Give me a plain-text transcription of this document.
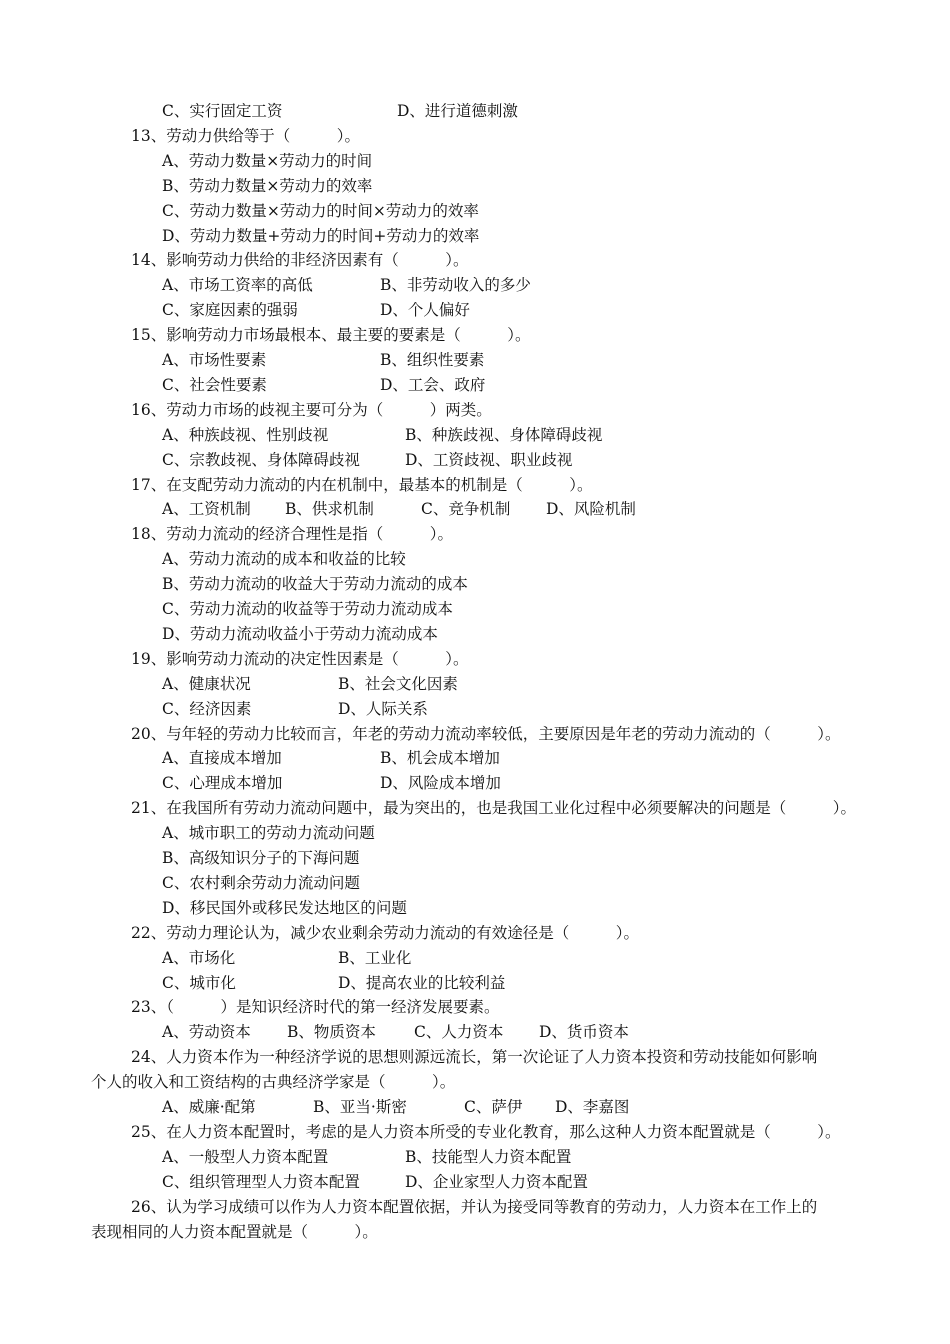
C、实行固定工资	D、进行道德刺激
13、劳动力供给等于（　　　）。
A、劳动力数量×劳动力的时间
B、劳动力数量×劳动力的效率
C、劳动力数量×劳动力的时间×劳动力的效率
D、劳动力数量+劳动力的时间+劳动力的效率
14、影响劳动力供给的非经济因素有（　　　）。
A、市场工资率的高低	B、非劳动收入的多少
C、家庭因素的强弱	D、个人偏好
15、影响劳动力市场最根本、最主要的要素是（　　　）。
A、市场性要素	B、组织性要素
C、社会性要素	D、工会、政府
16、劳动力市场的歧视主要可分为（　　　）两类。
A、种族歧视、性别歧视	B、种族歧视、身体障碍歧视
C、宗教歧视、身体障碍歧视	D、工资歧视、职业歧视
17、在支配劳动力流动的内在机制中，最基本的机制是（　　　）。
A、工资机制 B、供求机制	C、竞争机制 D、风险机制
18、劳动力流动的经济合理性是指（　　　）。
A、劳动力流动的成本和收益的比较
B、劳动力流动的收益大于劳动力流动的成本
C、劳动力流动的收益等于劳动力流动成本
D、劳动力流动收益小于劳动力流动成本
19、影响劳动力流动的决定性因素是（　　　）。
A、健康状况	B、社会文化因素
C、经济因素	D、人际关系
20、与年轻的劳动力比较而言，年老的劳动力流动率较低，主要原因是年老的劳动力流动的（　　　）。
A、直接成本增加	B、机会成本增加
C、心理成本增加	D、风险成本增加
21、在我国所有劳动力流动问题中，最为突出的，也是我国工业化过程中必须要解决的问题是（　　　）。
A、城市职工的劳动力流动问题
B、高级知识分子的下海问题
C、农村剩余劳动力流动问题
D、移民国外或移民发达地区的问题
22、劳动力理论认为，减少农业剩余劳动力流动的有效途径是（　　　）。
A、市场化	B、工业化
C、城市化	D、提高农业的比较利益
23、（　　　）是知识经济时代的第一经济发展要素。
A、劳动资本 B、物质资本 C、人力资本 D、货币资本
24、人力资本作为一种经济学说的思想则源远流长，第一次论证了人力资本投资和劳动技能如何影响
个人的收入和工资结构的古典经济学家是（　　　）。
A、威廉·配第	B、亚当·斯密	C、萨伊 D、李嘉图
25、在人力资本配置时，考虑的是人力资本所受的专业化教育，那么这种人力资本配置就是（　　　）。
A、一般型人力资本配置	B、技能型人力资本配置
C、组织管理型人力资本配置	D、企业家型人力资本配置
26、认为学习成绩可以作为人力资本配置依据，并认为接受同等教育的劳动力，人力资本在工作上的
表现相同的人力资本配置就是（　　　）。
